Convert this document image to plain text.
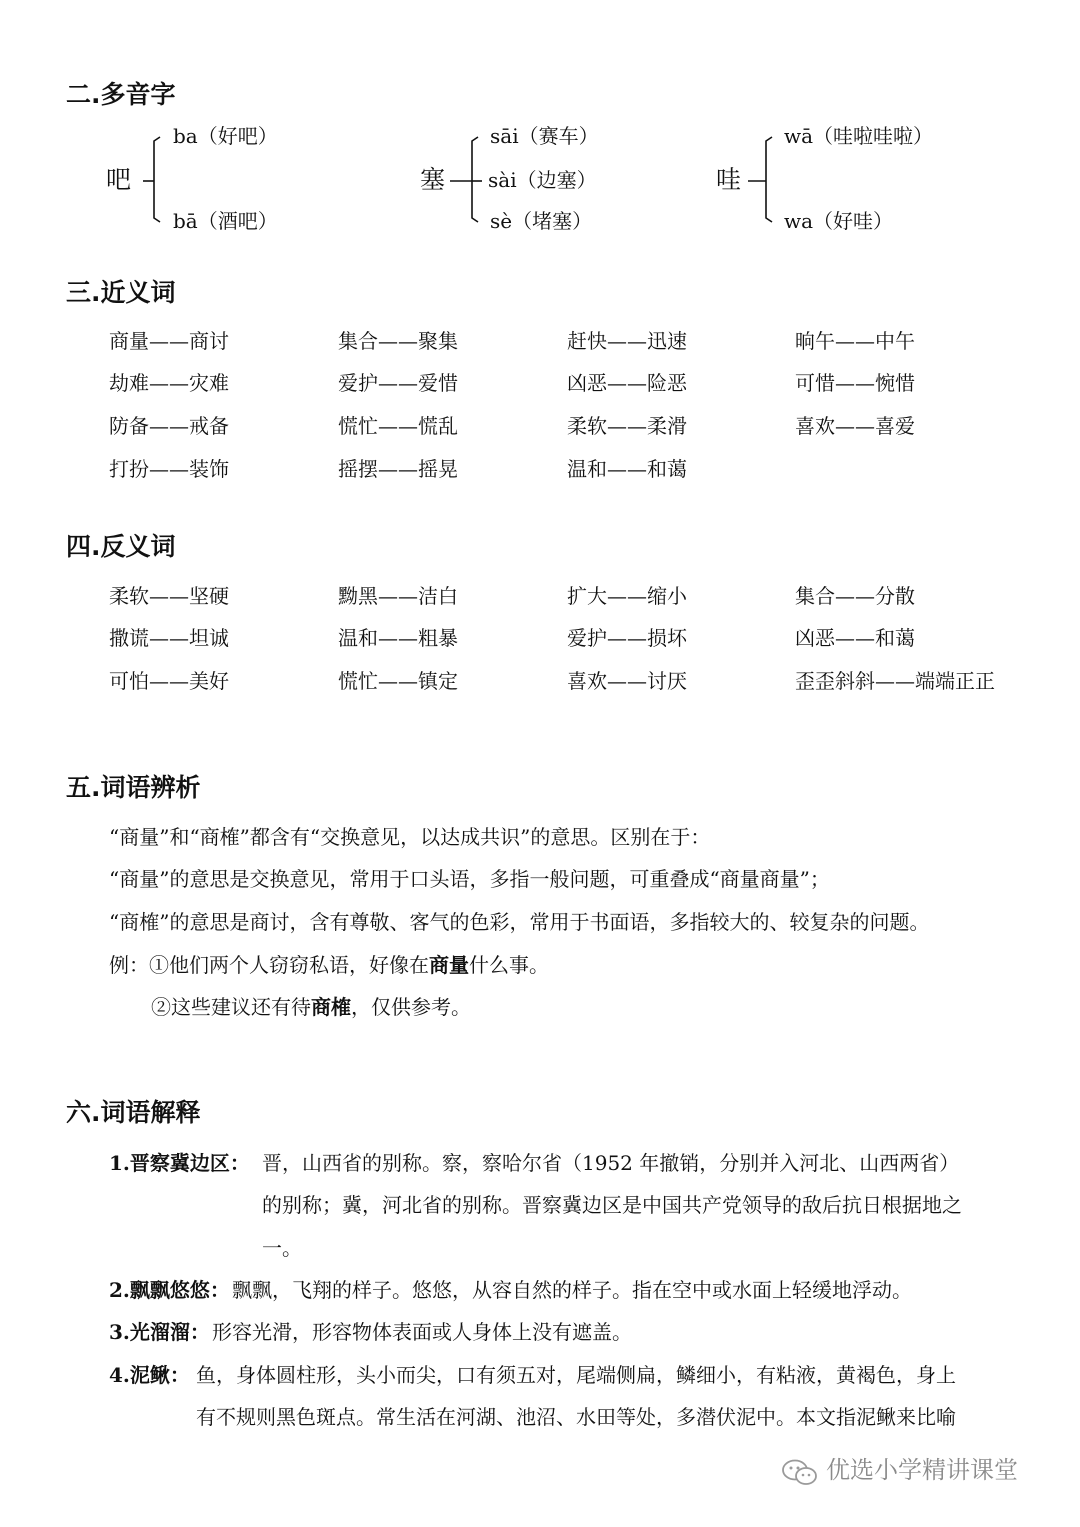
二.多音字
吧
ba（好吧）
bā（酒吧）
塞
sāi（赛车）
sài（边塞）
sè（堵塞）
哇
wā（哇啦哇啦）
wa（好哇）
三.近义词
商量——商讨	集合——聚集	赶快——迅速	晌午——中午
劫难——灾难	爱护——爱惜	凶恶——险恶	可惜——惋惜
防备——戒备	慌忙——慌乱	柔软——柔滑	喜欢——喜爱
打扮——装饰	摇摆——摇晃	温和——和蔼
四.反义词
柔软——坚硬	黝黑——洁白	扩大——缩小	集合——分散
撒谎——坦诚	温和——粗暴	爱护——损坏	凶恶——和蔼
可怕——美好	慌忙——镇定	喜欢——讨厌	歪歪斜斜——端端正正
五.词语辨析
“商量”和“商榷”都含有“交换意见，以达成共识”的意思。区别在于：
“商量”的意思是交换意见，常用于口头语，多指一般问题，可重叠成“商量商量”；
“商榷”的意思是商讨，含有尊敬、客气的色彩，常用于书面语，多指较大的、较复杂的问题。
例：①他们两个人窃窃私语，好像在商量什么事。
②这些建议还有待商榷，仅供参考。
六.词语解释
1.晋察冀边区： 晋，山西省的别称。察，察哈尔省（1952 年撤销，分别并入河北、山西两省）
的别称；冀，河北省的别称。晋察冀边区是中国共产党领导的敌后抗日根据地之
一。
2.飘飘悠悠： 飘飘，飞翔的样子。悠悠，从容自然的样子。指在空中或水面上轻缓地浮动。
3.光溜溜： 形容光滑，形容物体表面或人身体上没有遮盖。
4.泥鳅： 鱼，身体圆柱形，头小而尖，口有须五对，尾端侧扁，鳞细小，有粘液，黄褐色，身上
有不规则黑色斑点。常生活在河湖、池沼、水田等处，多潜伏泥中。本文指泥鳅来比喻
优选小学精讲课堂
